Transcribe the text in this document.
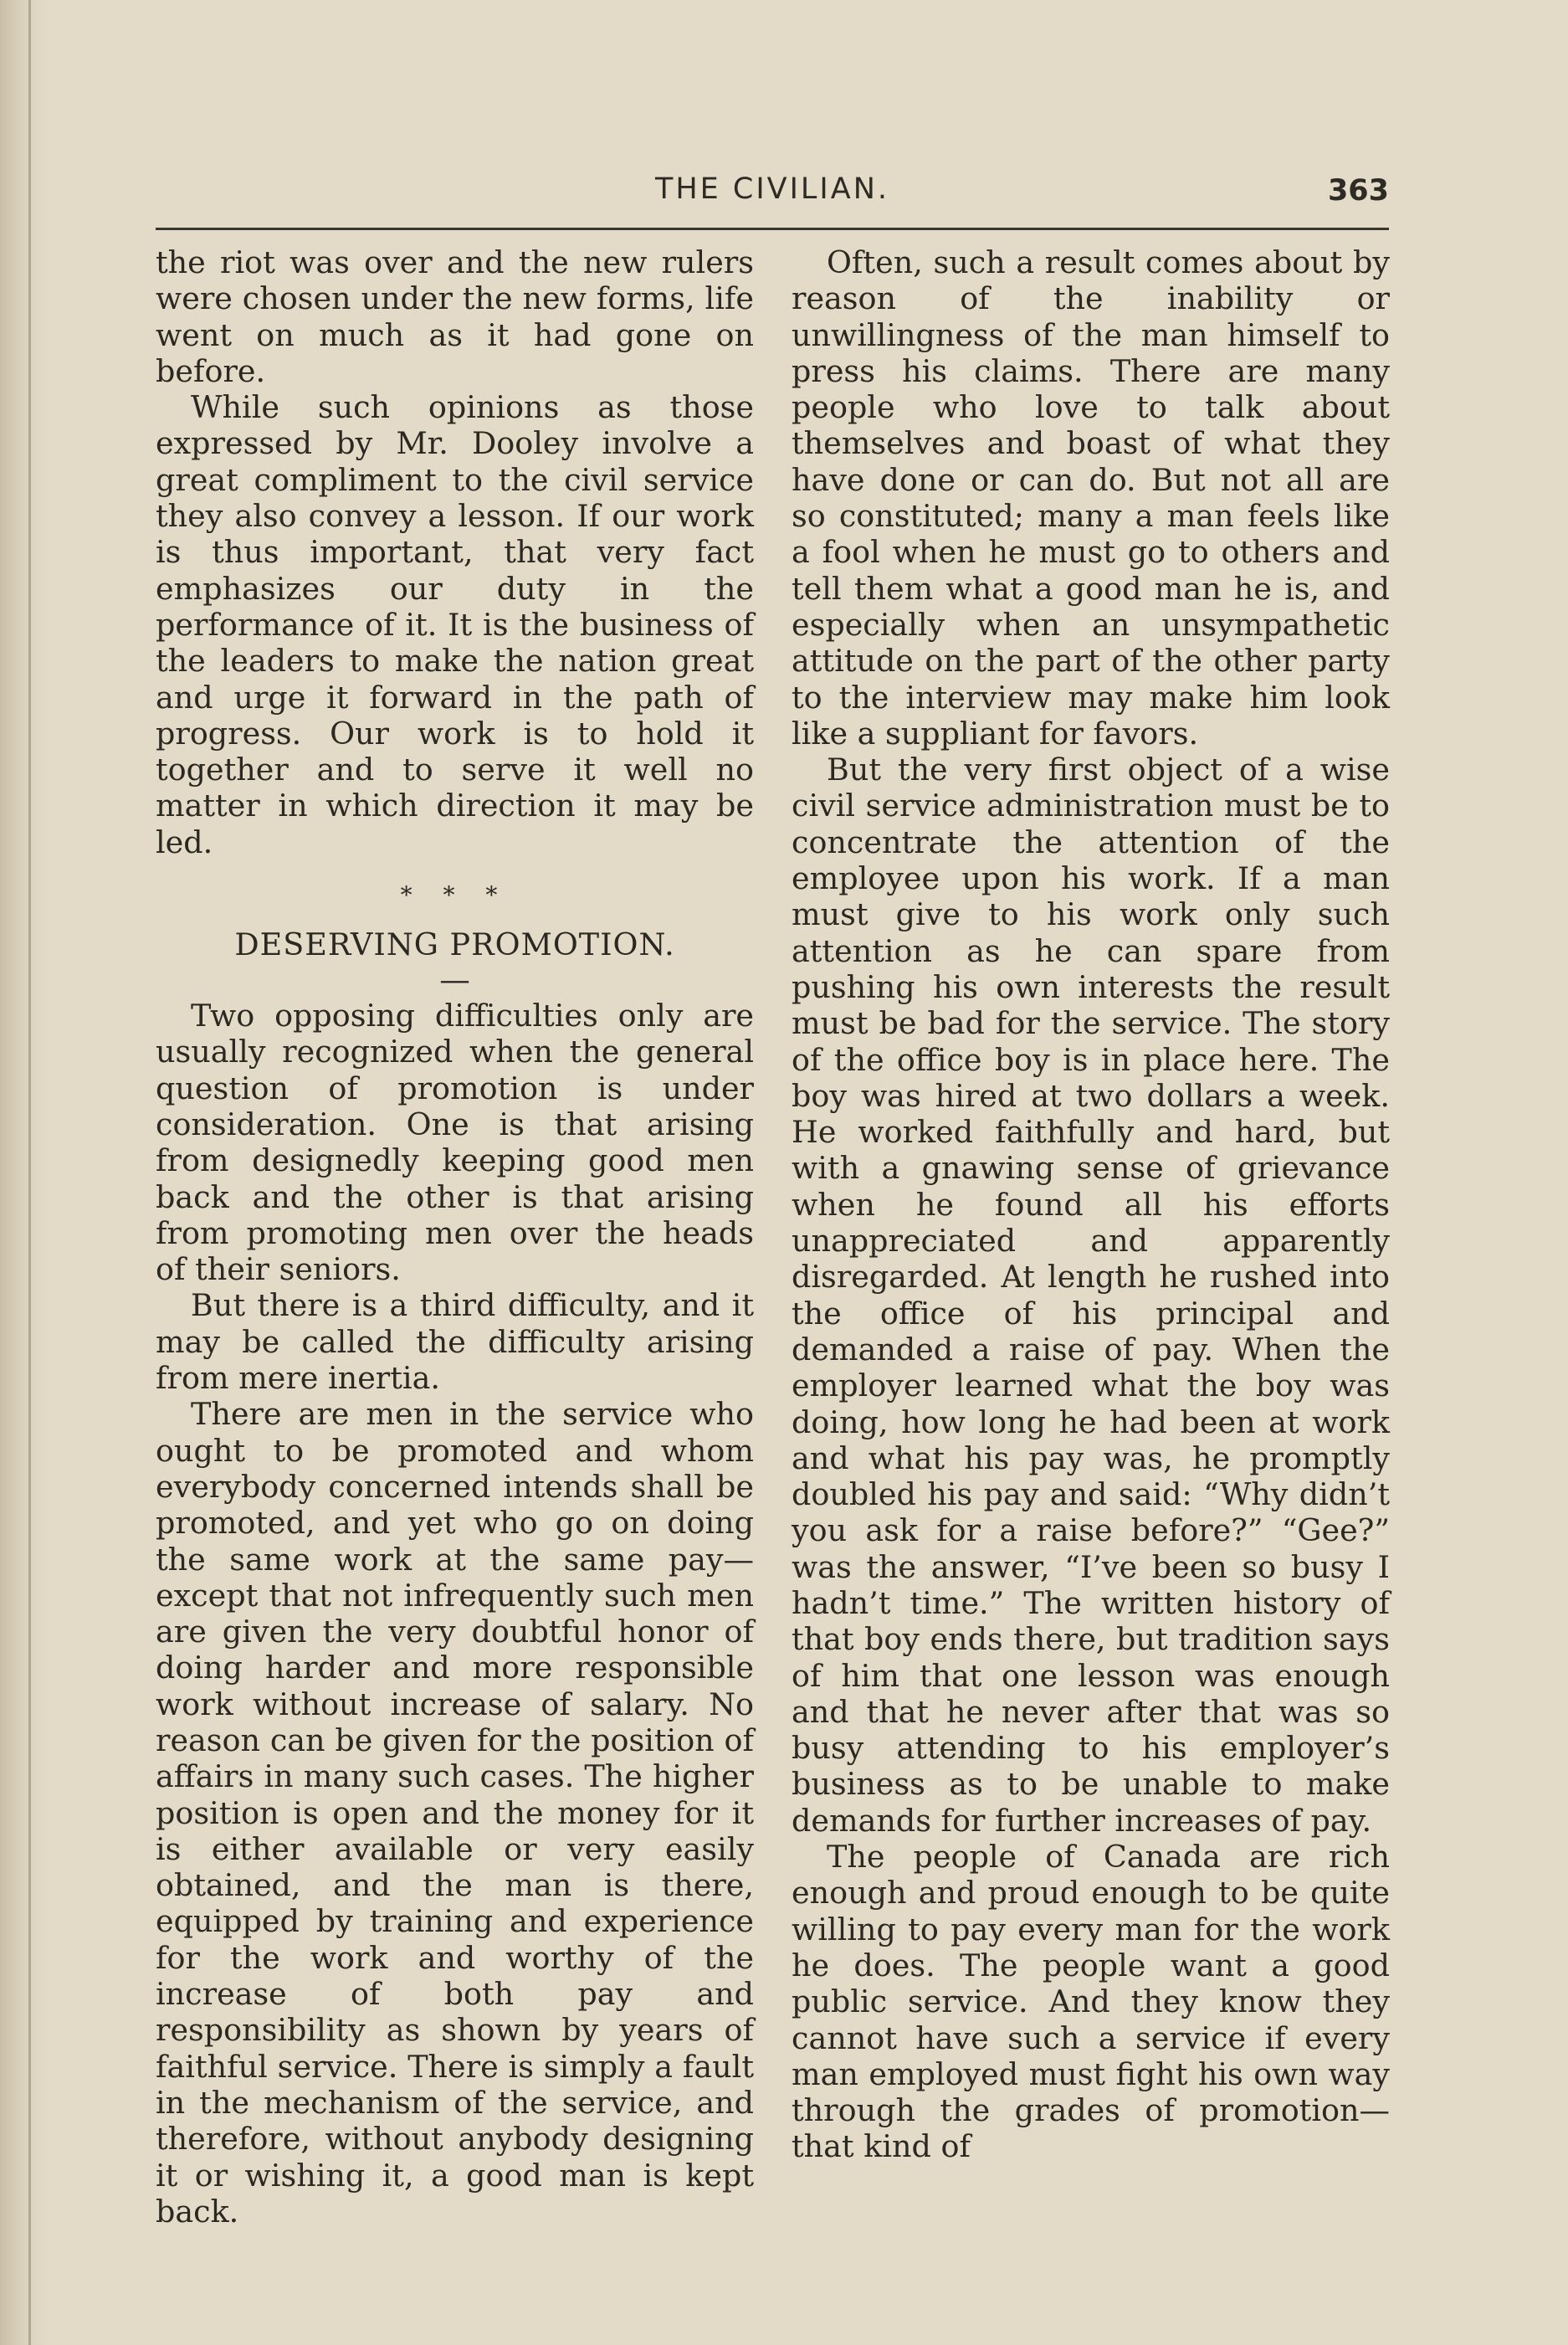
THE CIVILIAN.	363

the riot was over and the new rulers were chosen under the new forms, life went on much as it had gone on before.

While such opinions as those expressed by Mr. Dooley involve a great compliment to the civil service they also convey a lesson. If our work is thus important, that very fact emphasizes our duty in the performance of it. It is the business of the leaders to make the nation great and urge it forward in the path of progress. Our work is to hold it together and to serve it well no matter in which direction it may be led.

* * *

DESERVING PROMOTION.

—

Two opposing difficulties only are usually recognized when the general question of promotion is under consideration. One is that arising from designedly keeping good men back and the other is that arising from promoting men over the heads of their seniors.

But there is a third difficulty, and it may be called the difficulty arising from mere inertia.

There are men in the service who ought to be promoted and whom everybody concerned intends shall be promoted, and yet who go on doing the same work at the same pay—except that not infrequently such men are given the very doubtful honor of doing harder and more responsible work without increase of salary. No reason can be given for the position of affairs in many such cases. The higher position is open and the money for it is either available or very easily obtained, and the man is there, equipped by training and experience for the work and worthy of the increase of both pay and responsibility as shown by years of faithful service. There is simply a fault in the mechanism of the service, and therefore, without anybody designing it or wishing it, a good man is kept back.

Often, such a result comes about by reason of the inability or unwillingness of the man himself to press his claims. There are many people who love to talk about themselves and boast of what they have done or can do. But not all are so constituted; many a man feels like a fool when he must go to others and tell them what a good man he is, and especially when an unsympathetic attitude on the part of the other party to the interview may make him look like a suppliant for favors.

But the very first object of a wise civil service administration must be to concentrate the attention of the employee upon his work. If a man must give to his work only such attention as he can spare from pushing his own interests the result must be bad for the service. The story of the office boy is in place here. The boy was hired at two dollars a week. He worked faithfully and hard, but with a gnawing sense of grievance when he found all his efforts unappreciated and apparently disregarded. At length he rushed into the office of his principal and demanded a raise of pay. When the employer learned what the boy was doing, how long he had been at work and what his pay was, he promptly doubled his pay and said: “Why didn’t you ask for a raise before?” “Gee?” was the answer, “I’ve been so busy I hadn’t time.” The written history of that boy ends there, but tradition says of him that one lesson was enough and that he never after that was so busy attending to his employer’s business as to be unable to make demands for further increases of pay.

The people of Canada are rich enough and proud enough to be quite willing to pay every man for the work he does. The people want a good public service. And they know they cannot have such a service if every man employed must fight his own way through the grades of promotion—that kind of
